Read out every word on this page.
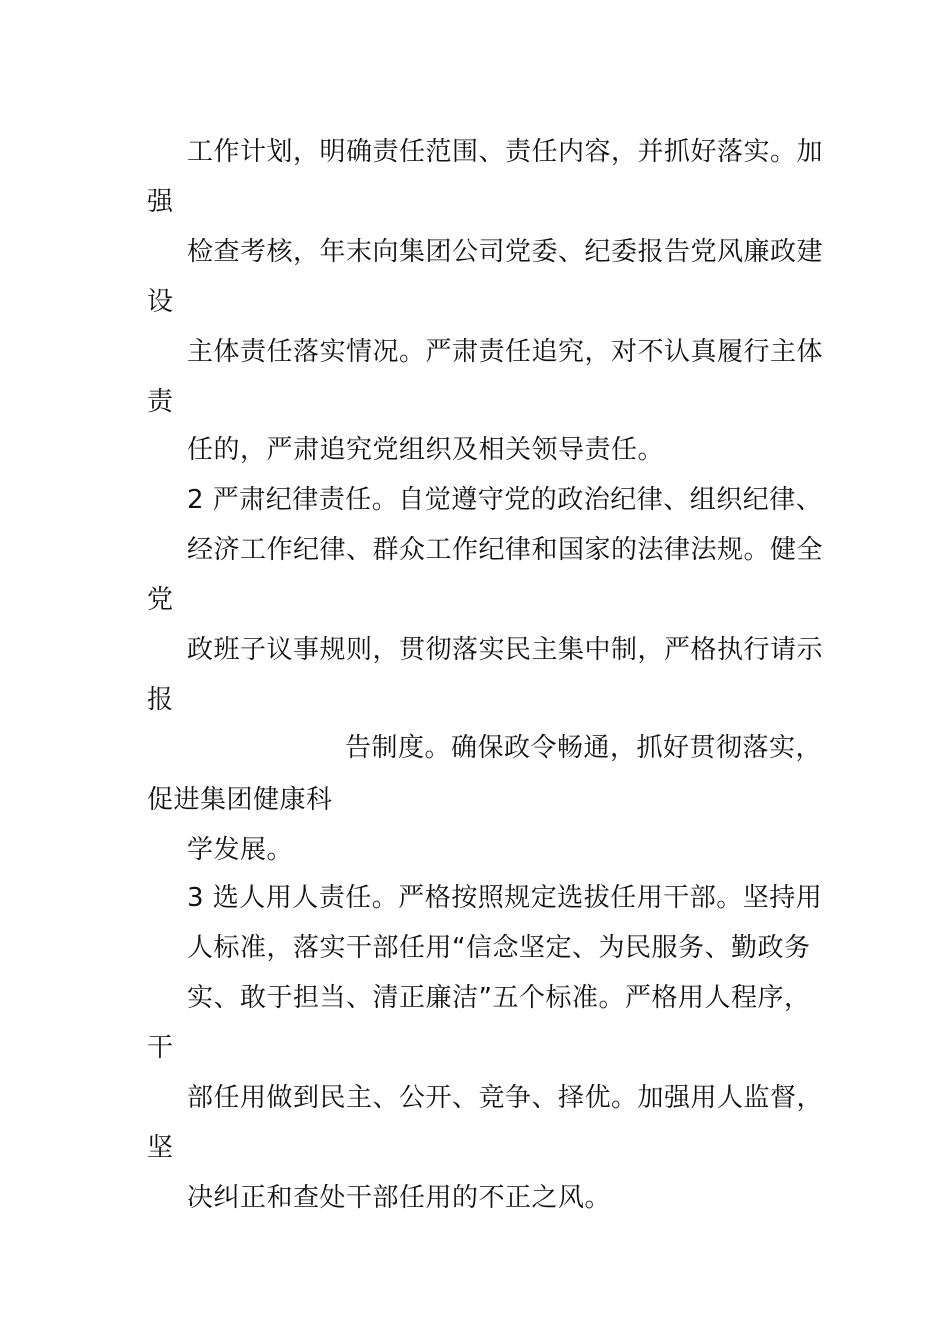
工作计划，明确责任范围、责任内容，并抓好落实。加
强
检查考核，年末向集团公司党委、纪委报告党风廉政建
设
主体责任落实情况。严肃责任追究，对不认真履行主体
责
任的，严肃追究党组织及相关领导责任。
2 严肃纪律责任。自觉遵守党的政治纪律、组织纪律、
经济工作纪律、群众工作纪律和国家的法律法规。健全
党
政班子议事规则，贯彻落实民主集中制，严格执行请示
报
告制度。确保政令畅通，抓好贯彻落实，
促进集团健康科
学发展。
3 选人用人责任。严格按照规定选拔任用干部。坚持用
人标准，落实干部任用“信念坚定、为民服务、勤政务
实、敢于担当、清正廉洁”五个标准。严格用人程序，
干
部任用做到民主、公开、竞争、择优。加强用人监督，
坚
决纠正和查处干部任用的不正之风。
